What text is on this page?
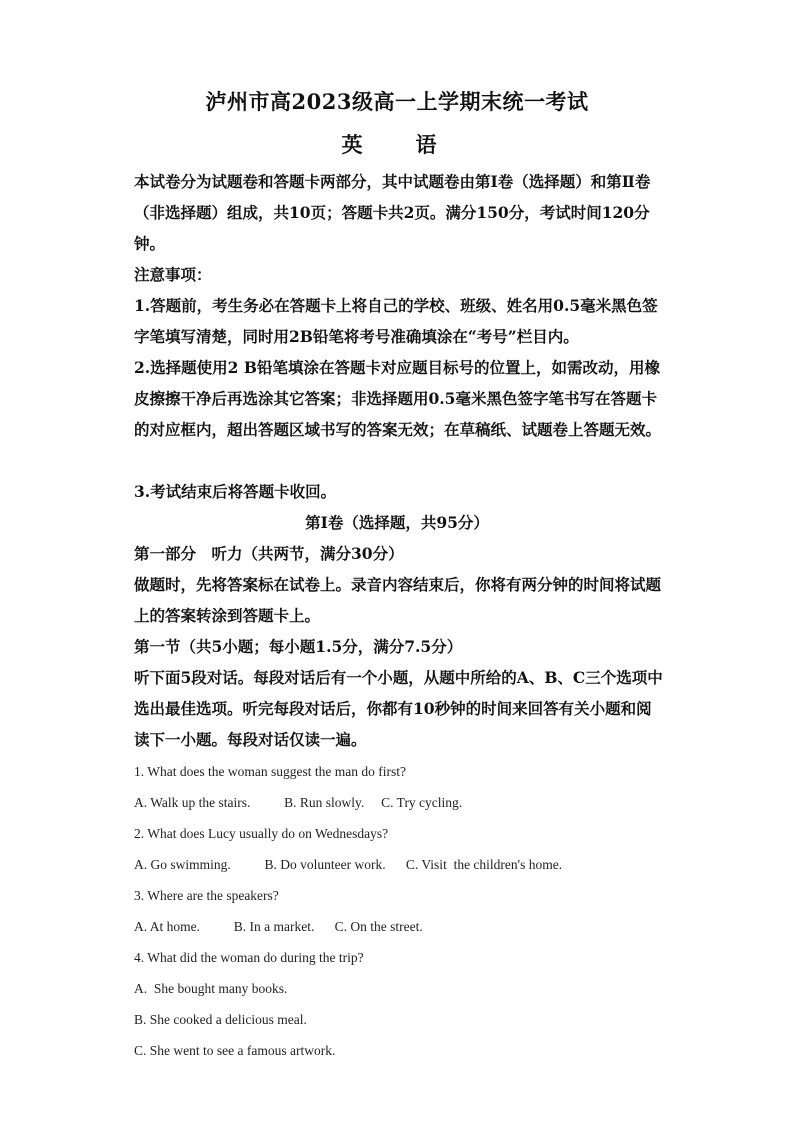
泸州市高2023级高一上学期末统一考试
英　语

本试卷分为试题卷和答题卡两部分，其中试题卷由第Ⅰ卷（选择题）和第Ⅱ卷（非选择题）组成，共10页；答题卡共2页。满分150分，考试时间120分钟。

注意事项：

1.答题前，考生务必在答题卡上将自己的学校、班级、姓名用0.5毫米黑色签字笔填写清楚，同时用2B铅笔将考号准确填涂在“考号”栏目内。

2.选择题使用2 B铅笔填涂在答题卡对应题目标号的位置上，如需改动，用橡皮擦擦干净后再选涂其它答案；非选择题用0.5毫米黑色签字笔书写在答题卡的对应框内，超出答题区域书写的答案无效；在草稿纸、试题卷上答题无效。

3.考试结束后将答题卡收回。

第Ⅰ卷（选择题，共95分）

第一部分　听力（共两节，满分30分）

做题时，先将答案标在试卷上。录音内容结束后，你将有两分钟的时间将试题上的答案转涂到答题卡上。

第一节（共5小题；每小题1.5分，满分7.5分）

听下面5段对话。每段对话后有一个小题，从题中所给的A、B、C三个选项中选出最佳选项。听完每段对话后，你都有10秒钟的时间来回答有关小题和阅读下一小题。每段对话仅读一遍。

1. What does the woman suggest the man do first?
A. Walk up the stairs.          B. Run slowly.     C. Try cycling.
2. What does Lucy usually do on Wednesdays?
A. Go swimming.          B. Do volunteer work.      C. Visit  the children's home.
3. Where are the speakers?
A. At home.          B. In a market.      C. On the street.
4. What did the woman do during the trip?
A.  She bought many books.
B. She cooked a delicious meal.
C. She went to see a famous artwork.
